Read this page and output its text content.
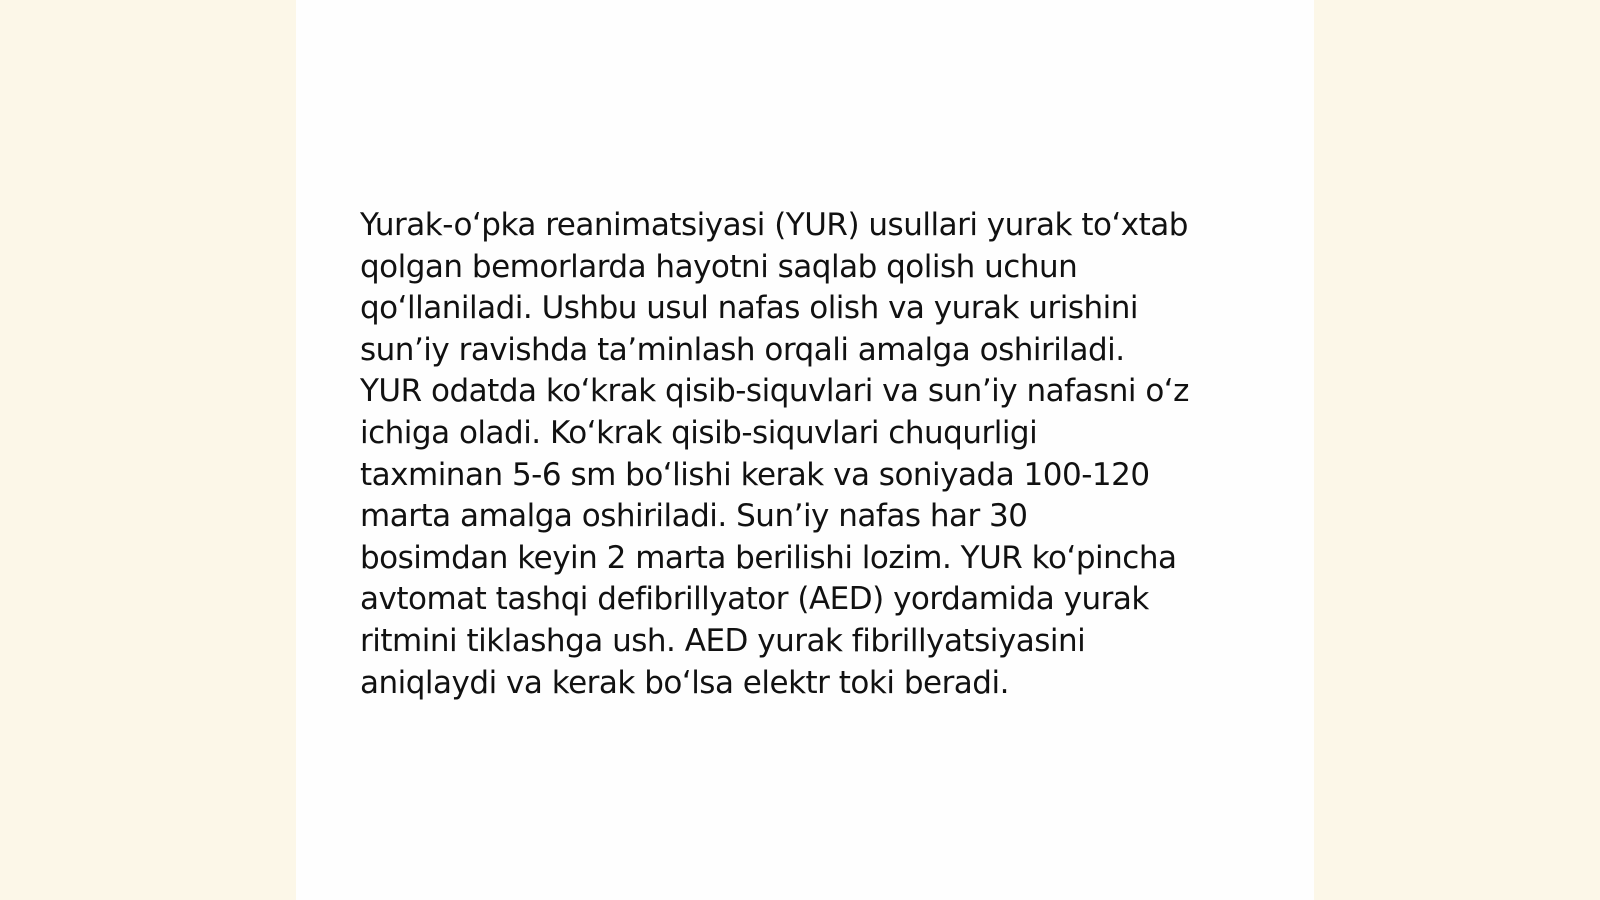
Yurak-oʻpka reanimatsiyasi (YUR) usullari yurak toʻxtab
qolgan bemorlarda hayotni saqlab qolish uchun
qoʻllaniladi. Ushbu usul nafas olish va yurak urishini
sunʼiy ravishda taʼminlash orqali amalga oshiriladi.
YUR odatda koʻkrak qisib-siquvlari va sunʼiy nafasni oʻz
ichiga oladi. Koʻkrak qisib-siquvlari chuqurligi
taxminan 5-6 sm boʻlishi kerak va soniyada 100-120
marta amalga oshiriladi. Sunʼiy nafas har 30
bosimdan keyin 2 marta berilishi lozim. YUR koʻpincha
avtomat tashqi defibrillyator (AED) yordamida yurak
ritmini tiklashga ush. AED yurak fibrillyatsiyasini
aniqlaydi va kerak boʻlsa elektr toki beradi.
